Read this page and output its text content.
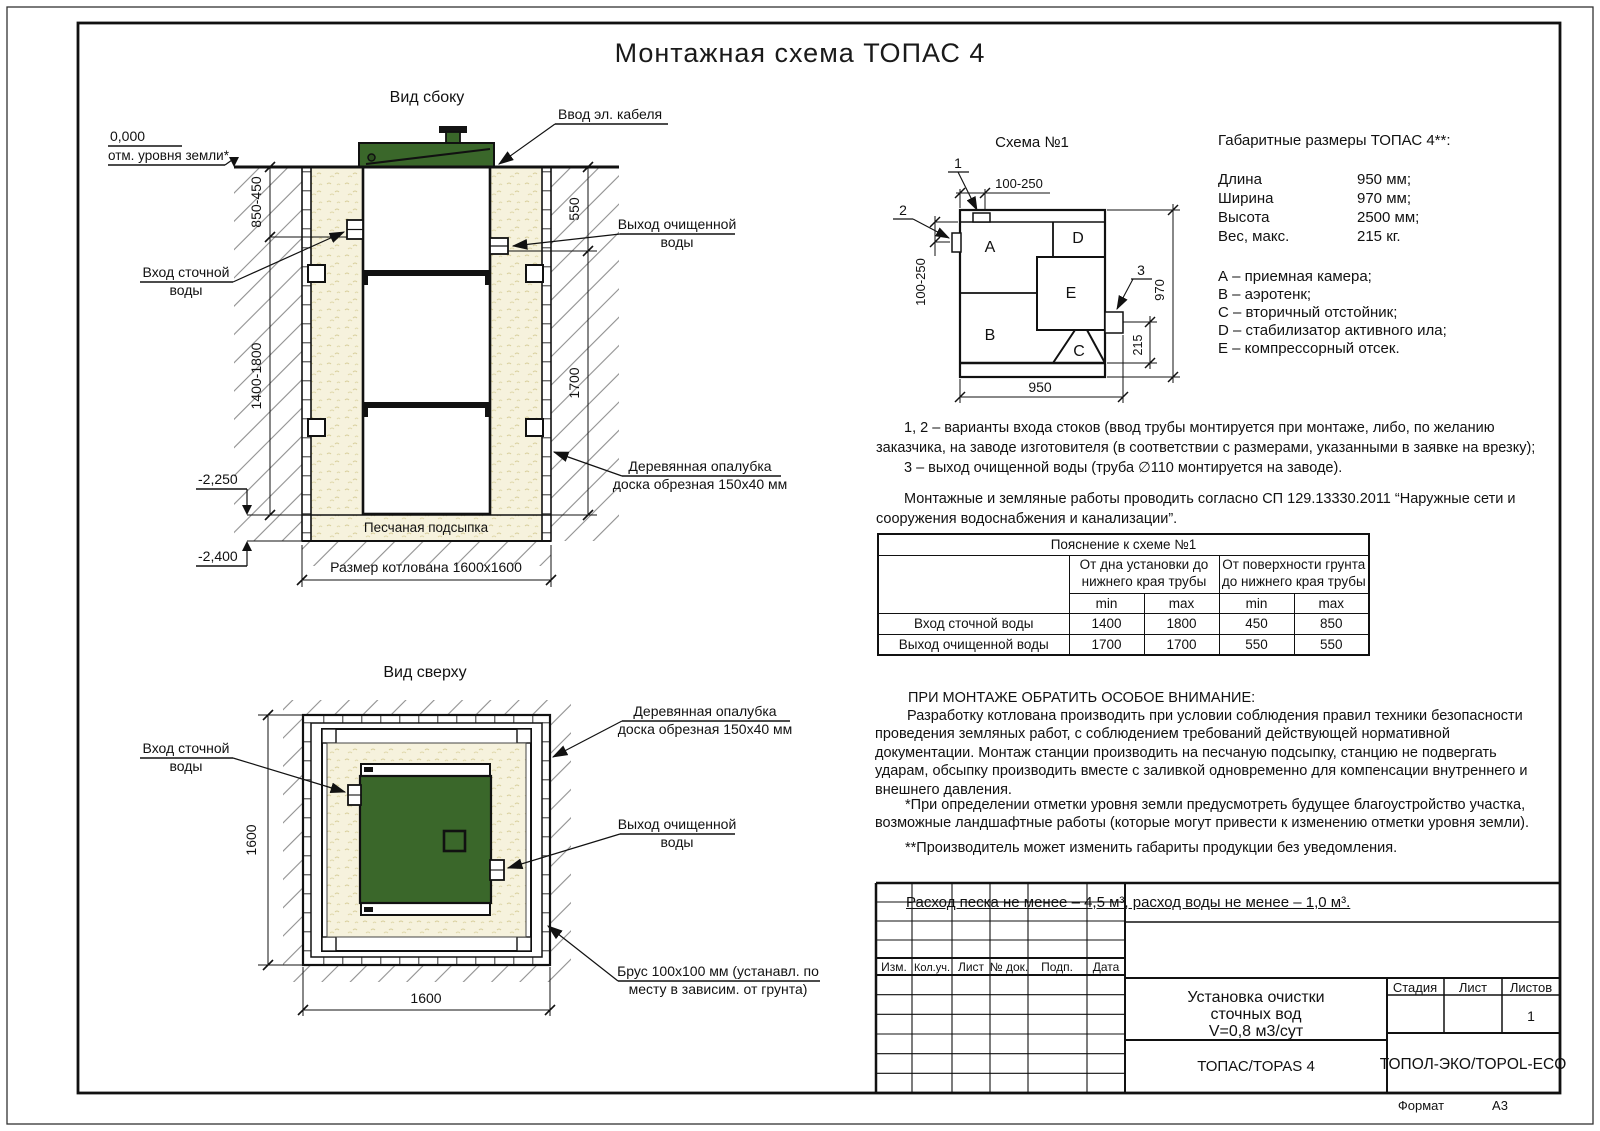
Вид сбоку
850-450
1400-1800
550
1700
0,000
отм. уровня земли*
-2,250
-2,400
Песчаная подсыпка
Размер котлована 1600х1600
Ввод эл. кабеля
Вход сточной
воды
Выход очищенной
воды
Деревянная опалубка
доска обрезная 150х40 мм
Вид сверху
Вход сточной
воды
Выход очищенной
воды
Деревянная опалубка
доска обрезная 150х40 мм
Брус 100х100 мм (устанавл. по
месту в зависим. от грунта)
1600
1600
Схема №1
A
B
C
D
E
1
2
3
100-250
100-250	970
215
950
Изм. Кол.уч. Лист № док. Подп. Дата
Установка очистки
сточных вод
V=0,8 м3/сут
ТОПАС/TOPAS 4
Стадия Лист Листов
1
ТОПОЛ-ЭКО/TOPOL-ECO
Формат	А3
Монтажная схема ТОПАС 4
Габаритные размеры ТОПАС 4**:
Длина	950 мм;
Ширина	970 мм;
Высота	2500 мм;
Вес, макс.	215 кг.
А – приемная камера;
В – аэротенк;
С – вторичный отстойник;
D – стабилизатор активного ила;
Е – компрессорный отсек.

1, 2 – варианты входа стоков (ввод трубы монтируется при монтаже, либо, по желанию заказчика, на заводе изготовителя (в соответствии с размерами, указанными в заявке на врезку);

3 – выход очищенной воды (труба ∅110 монтируется на заводе).

Монтажные и земляные работы проводить согласно СП 129.13330.2011 “Наружные сети и сооружения водоснабжения и канализации”.

Пояснение к схеме №1				
	От дна установки до нижнего края трубы		От поверхности грунта до нижнего края трубы	
	min	max	min	max
Вход сточной воды	1400	1800	450	850
Выход очищенной воды	1700	1700	550	550
ПРИ МОНТАЖЕ ОБРАТИТЬ ОСОБОЕ ВНИМАНИЕ:
Разработку котлована производить при условии соблюдения правил техники безопасности проведения земляных работ, с соблюдением требований действующей нормативной документации. Монтаж станции производить на песчаную подсыпку, станцию не подвергать ударам, обсыпку производить вместе с заливкой одновременно для компенсации внутреннего и внешнего давления.

*При определении отметки уровня земли предусмотреть будущее благоустройство участка, возможные ландшафтные работы (которые могут привести к изменению отметки уровня земли).

**Производитель может изменить габариты продукции без уведомления.

Расход песка не менее – 4,5 м³, расход воды не менее – 1,0 м³.
